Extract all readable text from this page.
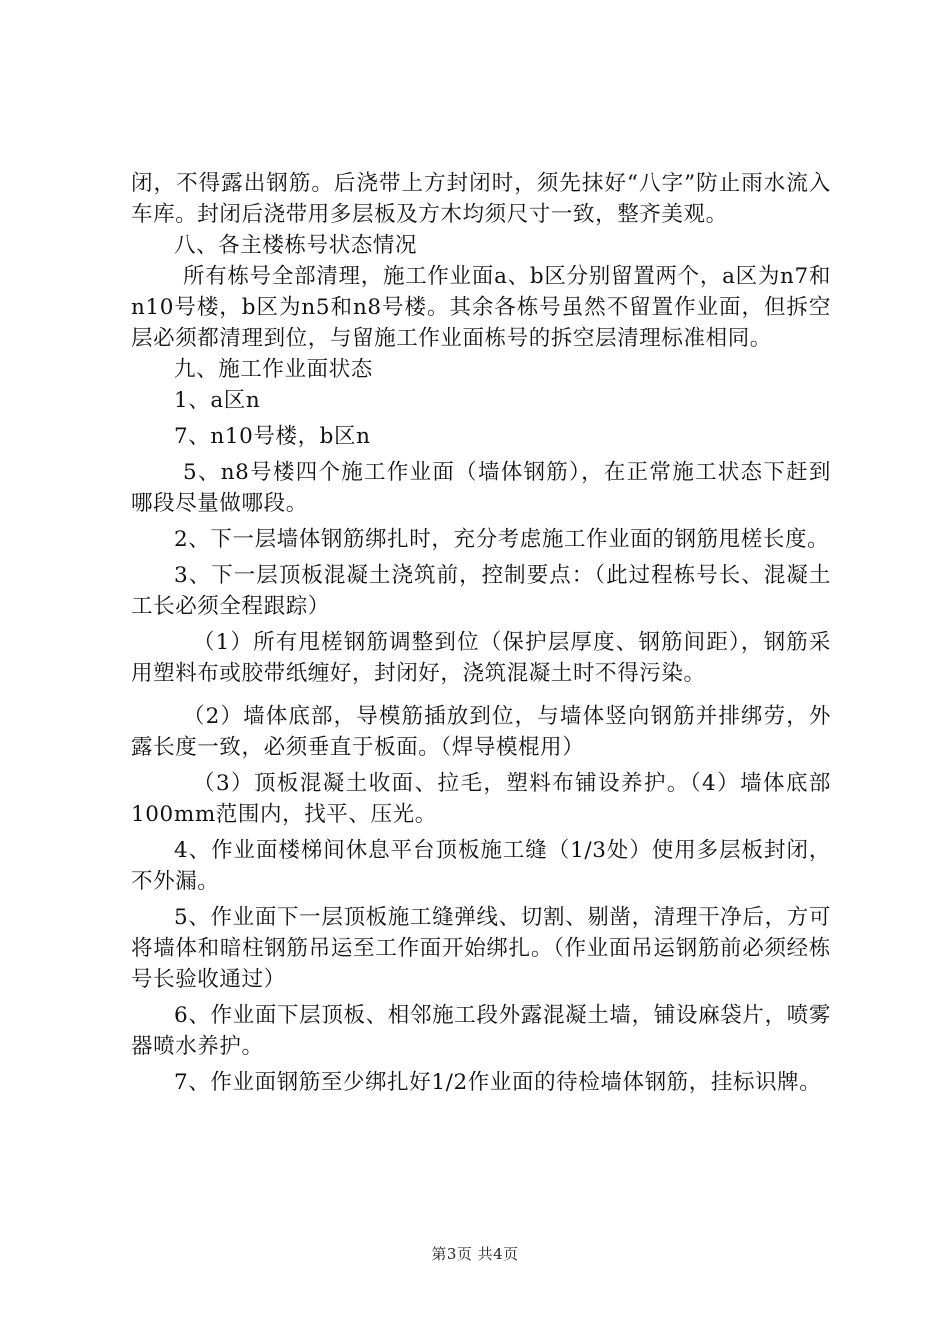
闭，不得露出钢筋。后浇带上方封闭时，须先抹好“八字”防止雨水流入车库。封闭后浇带用多层板及方木均须尺寸一致，整齐美观。

八、各主楼栋号状态情况

所有栋号全部清理，施工作业面a、b区分别留置两个，a区为n7和n10号楼，b区为n5和n8号楼。其余各栋号虽然不留置作业面，但拆空层必须都清理到位，与留施工作业面栋号的拆空层清理标准相同。

九、施工作业面状态

1、a区n

7、n10号楼，b区n

5、n8号楼四个施工作业面（墙体钢筋），在正常施工状态下赶到哪段尽量做哪段。

2、下一层墙体钢筋绑扎时，充分考虑施工作业面的钢筋甩槎长度。

3、下一层顶板混凝土浇筑前，控制要点：（此过程栋号长、混凝土工长必须全程跟踪）

（1）所有甩槎钢筋调整到位（保护层厚度、钢筋间距），钢筋采用塑料布或胶带纸缠好，封闭好，浇筑混凝土时不得污染。

（2）墙体底部，导模筋插放到位，与墙体竖向钢筋并排绑劳，外露长度一致，必须垂直于板面。（焊导模棍用）

（3）顶板混凝土收面、拉毛，塑料布铺设养护。（4）墙体底部100mm范围内，找平、压光。

4、作业面楼梯间休息平台顶板施工缝（1/3处）使用多层板封闭，不外漏。

5、作业面下一层顶板施工缝弹线、切割、剔凿，清理干净后，方可将墙体和暗柱钢筋吊运至工作面开始绑扎。（作业面吊运钢筋前必须经栋号长验收通过）

6、作业面下层顶板、相邻施工段外露混凝土墙，铺设麻袋片，喷雾器喷水养护。

7、作业面钢筋至少绑扎好1/2作业面的待检墙体钢筋，挂标识牌。

第3页 共4页
